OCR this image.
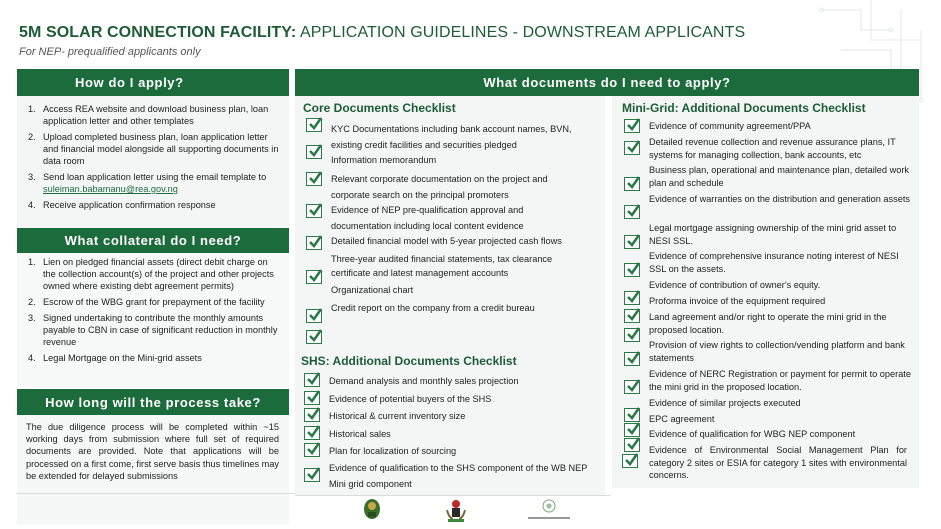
5M SOLAR CONNECTION FACILITY: APPLICATION GUIDELINES - DOWNSTREAM APPLICANTS
For NEP- prequalified applicants only
How do I apply?
1. Access REA website and download business plan, loan application letter and other templates
2. Upload completed business plan, loan application letter and financial model alongside all supporting documents in data room
3. Send loan application letter using the email template to suleiman.babamanu@rea.gov.ng
4. Receive application confirmation response
What collateral do I need?
1. Lien on pledged financial assets (direct debit charge on the collection account(s) of the project and other projects owned where existing debt agreement permits)
2. Escrow of the WBG grant for prepayment of the facility
3. Signed undertaking to contribute the monthly amounts payable to CBN in case of significant reduction in monthly revenue
4. Legal Mortgage on the Mini-grid assets
How long will the process take?
The due diligence process will be completed within ~15 working days from submission where full set of required documents are provided. Note that applications will be processed on a first come, first serve basis thus timelines may be extended for delayed submissions
What documents do I need to apply?
Core Documents Checklist
KYC Documentations including bank account names, BVN, existing credit facilities and securities pledged
Information memorandum
Relevant corporate documentation on the project and corporate search on the principal promoters
Evidence of NEP pre-qualification approval and documentation including local content evidence
Detailed financial model with 5-year projected cash flows
Three-year audited financial statements, tax clearance certificate and latest management accounts
Organizational chart
Credit report on the company from a credit bureau
SHS: Additional Documents Checklist
Demand analysis and monthly sales projection
Evidence of potential buyers of the SHS
Historical & current inventory size
Historical sales
Plan for localization of sourcing
Evidence of qualification to the SHS component of the WB NEP Mini grid component
Mini-Grid: Additional Documents Checklist
Evidence of community agreement/PPA
Detailed revenue collection and revenue assurance plans, IT systems for managing collection, bank accounts, etc
Business plan, operational and maintenance plan, detailed work plan and schedule
Evidence of warranties on the distribution and generation assets
Legal mortgage assigning ownership of the mini grid asset to NESI SSL.
Evidence of comprehensive insurance noting interest of NESI SSL on the assets.
Evidence of contribution of owner's equity.
Proforma invoice of the equipment required
Land agreement and/or right to operate the mini grid in the proposed location.
Provision of view rights to collection/vending platform and bank statements
Evidence of NERC Registration or payment for permit to operate the mini grid in the proposed location.
Evidence of similar projects executed
EPC agreement
Evidence of qualification for WBG NEP component
Evidence of Environmental Social Management Plan for category 2 sites or ESIA for category 1 sites with environmental concerns.
